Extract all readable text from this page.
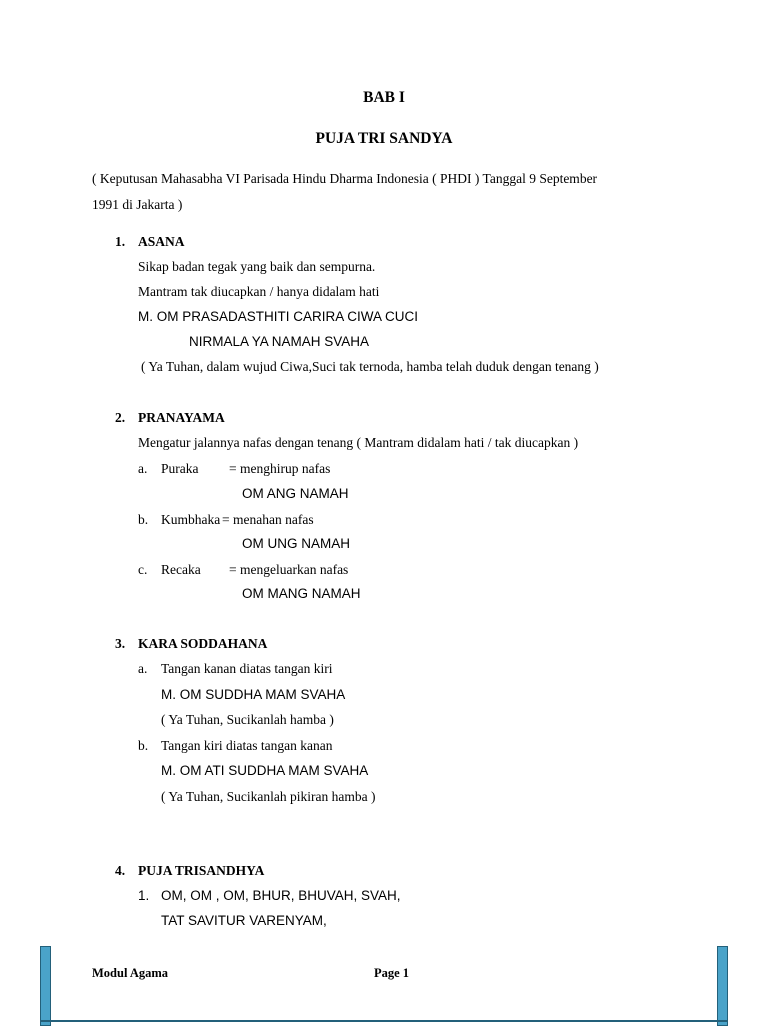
BAB I
PUJA TRI SANDYA
( Keputusan Mahasabha VI Parisada Hindu Dharma Indonesia ( PHDI ) Tanggal 9 September
1991 di Jakarta )
1. ASANA
Sikap badan tegak yang baik dan sempurna.
Mantram tak diucapkan / hanya didalam hati
M. OM PRASADASTHITI CARIRA CIWA CUCI
NIRMALA YA NAMAH SVAHA
( Ya Tuhan, dalam wujud Ciwa,Suci tak ternoda, hamba telah duduk dengan tenang )
2. PRANAYAMA
Mengatur jalannya nafas dengan tenang ( Mantram didalam hati / tak diucapkan )
a. Puraka = menghirup nafas
OM ANG NAMAH
b. Kumbhaka = menahan nafas
OM UNG NAMAH
c. Recaka = mengeluarkan nafas
OM MANG NAMAH
3. KARA SODDAHANA
a. Tangan kanan diatas tangan kiri
M. OM SUDDHA MAM SVAHA
( Ya Tuhan, Sucikanlah hamba )
b. Tangan kiri diatas tangan kanan
M. OM ATI SUDDHA MAM SVAHA
( Ya Tuhan, Sucikanlah pikiran hamba )
4. PUJA TRISANDHYA
1. OM, OM , OM, BHUR, BHUVAH, SVAH,
TAT SAVITUR VARENYAM,
Modul Agama	Page 1
